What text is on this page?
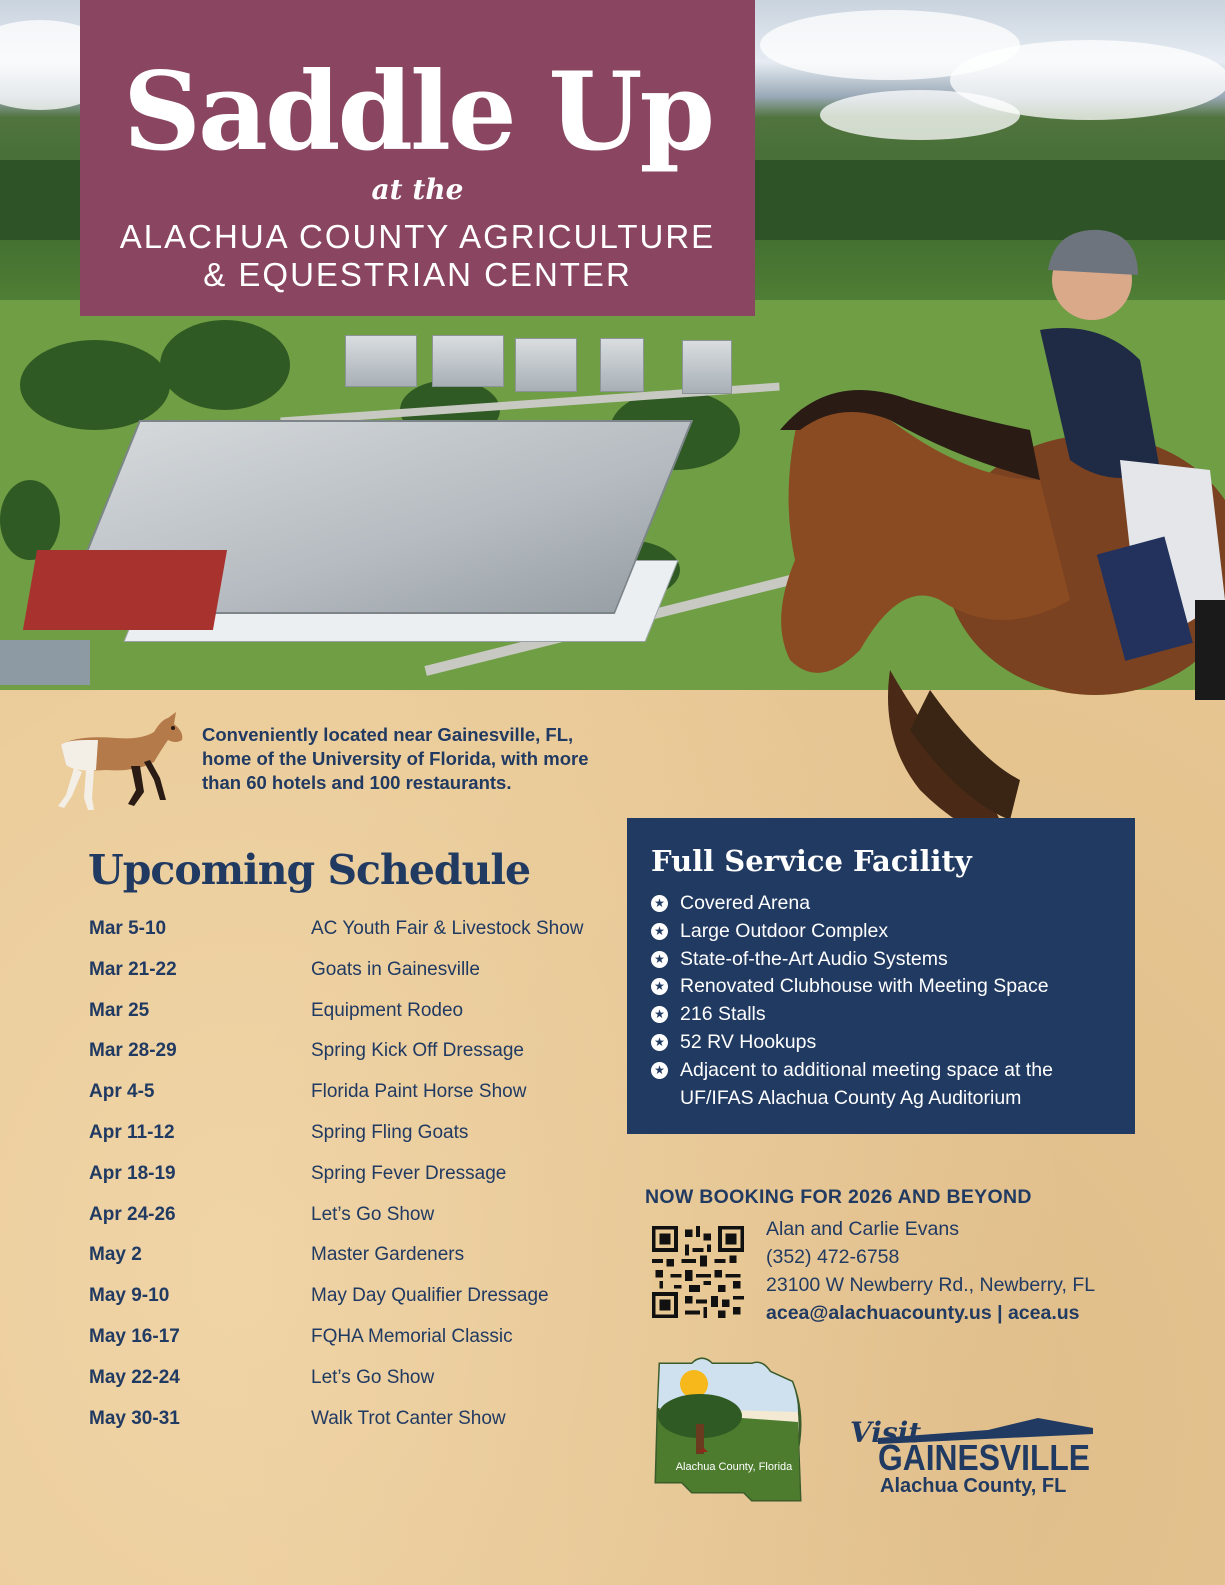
Saddle Up
at the
ALACHUA COUNTY AGRICULTURE
& EQUESTRIAN CENTER
Conveniently located near Gainesville, FL, home of the University of Florida, with more than 60 hotels and 100 restaurants.
Upcoming Schedule
Mar 5-10	AC Youth Fair & Livestock Show
Mar 21-22	Goats in Gainesville
Mar 25	Equipment Rodeo
Mar 28-29	Spring Kick Off Dressage
Apr 4-5	Florida Paint Horse Show
Apr 11-12	Spring Fling Goats
Apr 18-19	Spring Fever Dressage
Apr 24-26	Let’s Go Show
May 2	Master Gardeners
May 9-10	May Day Qualifier Dressage
May 16-17	FQHA Memorial Classic
May 22-24	Let’s Go Show
May 30-31	Walk Trot Canter Show
Full Service Facility
★ Covered Arena
★ Large Outdoor Complex
★ State-of-the-Art Audio Systems
★ Renovated Clubhouse with Meeting Space
★ 216 Stalls
★ 52 RV Hookups
★ Adjacent to additional meeting space at the UF/IFAS Alachua County Ag Auditorium
NOW BOOKING FOR 2026 AND BEYOND
Alan and Carlie Evans
(352) 472-6758
23100 W Newberry Rd., Newberry, FL
acea@alachuacounty.us | acea.us
Alachua County, Florida
Visit
GAINESVILLE
Alachua County, FL
